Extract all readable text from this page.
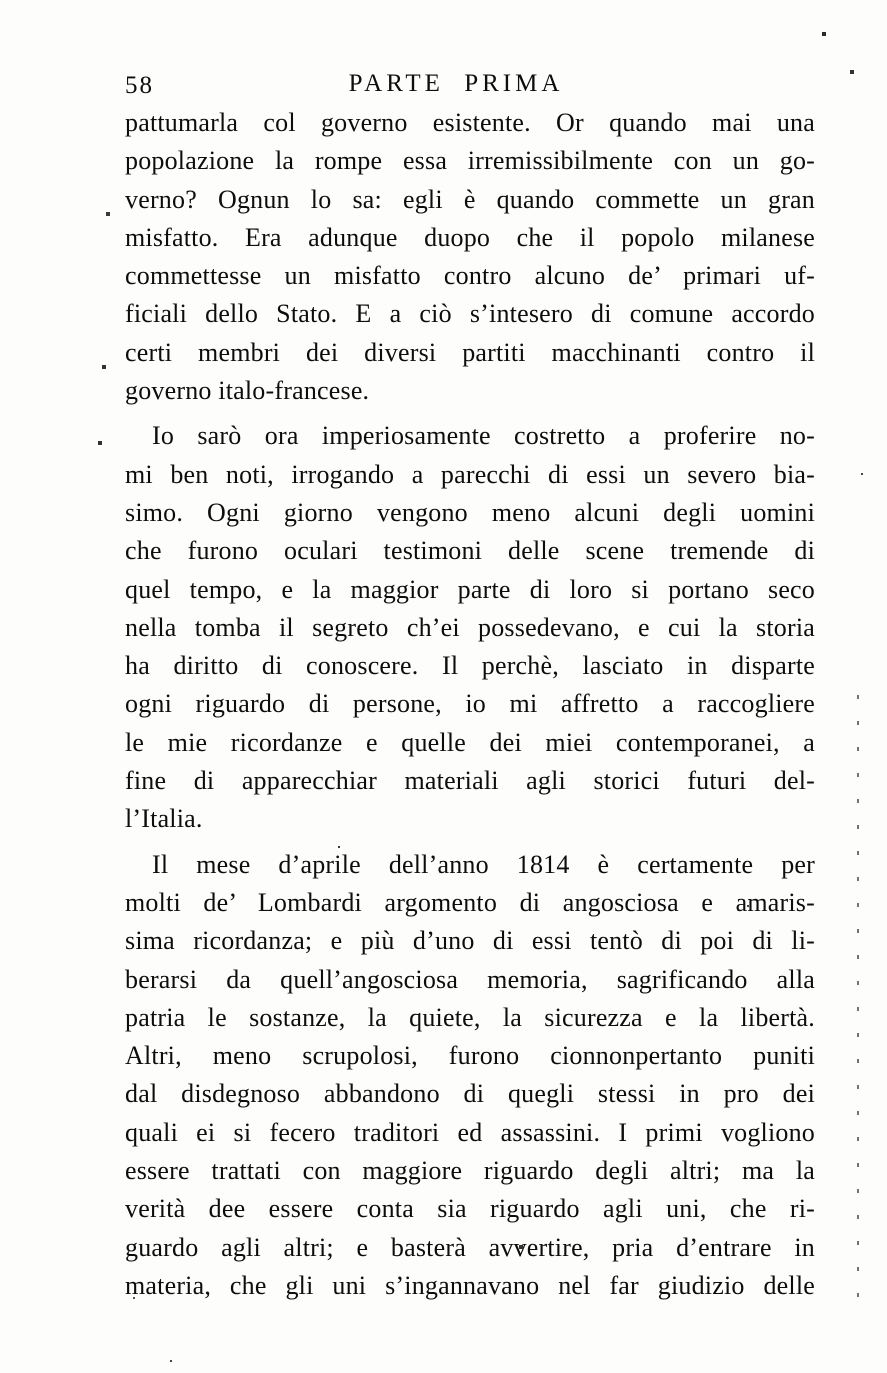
58	PARTE PRIMA
pattumarla col governo esistente. Or quando mai una
popolazione la rompe essa irremissibilmente con un go-
verno? Ognun lo sa: egli è quando commette un gran
misfatto. Era adunque duopo che il popolo milanese
commettesse un misfatto contro alcuno de’ primari uf-
ficiali dello Stato. E a ciò s’intesero di comune accordo
certi membri dei diversi partiti macchinanti contro il
governo italo-francese.
Io sarò ora imperiosamente costretto a proferire no-
mi ben noti, irrogando a parecchi di essi un severo bia-
simo. Ogni giorno vengono meno alcuni degli uomini
che furono oculari testimoni delle scene tremende di
quel tempo, e la maggior parte di loro si portano seco
nella tomba il segreto ch’ei possedevano, e cui la storia
ha diritto di conoscere. Il perchè, lasciato in disparte
ogni riguardo di persone, io mi affretto a raccogliere
le mie ricordanze e quelle dei miei contemporanei, a
fine di apparecchiar materiali agli storici futuri del-
l’Italia.
Il mese d’aprile dell’anno 1814 è certamente per
molti de’ Lombardi argomento di angosciosa e amaris-
sima ricordanza; e più d’uno di essi tentò di poi di li-
berarsi da quell’angosciosa memoria, sagrificando alla
patria le sostanze, la quiete, la sicurezza e la libertà.
Altri, meno scrupolosi, furono cionnonpertanto puniti
dal disdegnoso abbandono di quegli stessi in pro dei
quali ei si fecero traditori ed assassini. I primi vogliono
essere trattati con maggiore riguardo degli altri; ma la
verità dee essere conta sia riguardo agli uni, che ri-
guardo agli altri; e basterà avvertire, pria d’entrare in
materia, che gli uni s’ingannavano nel far giudizio delle
